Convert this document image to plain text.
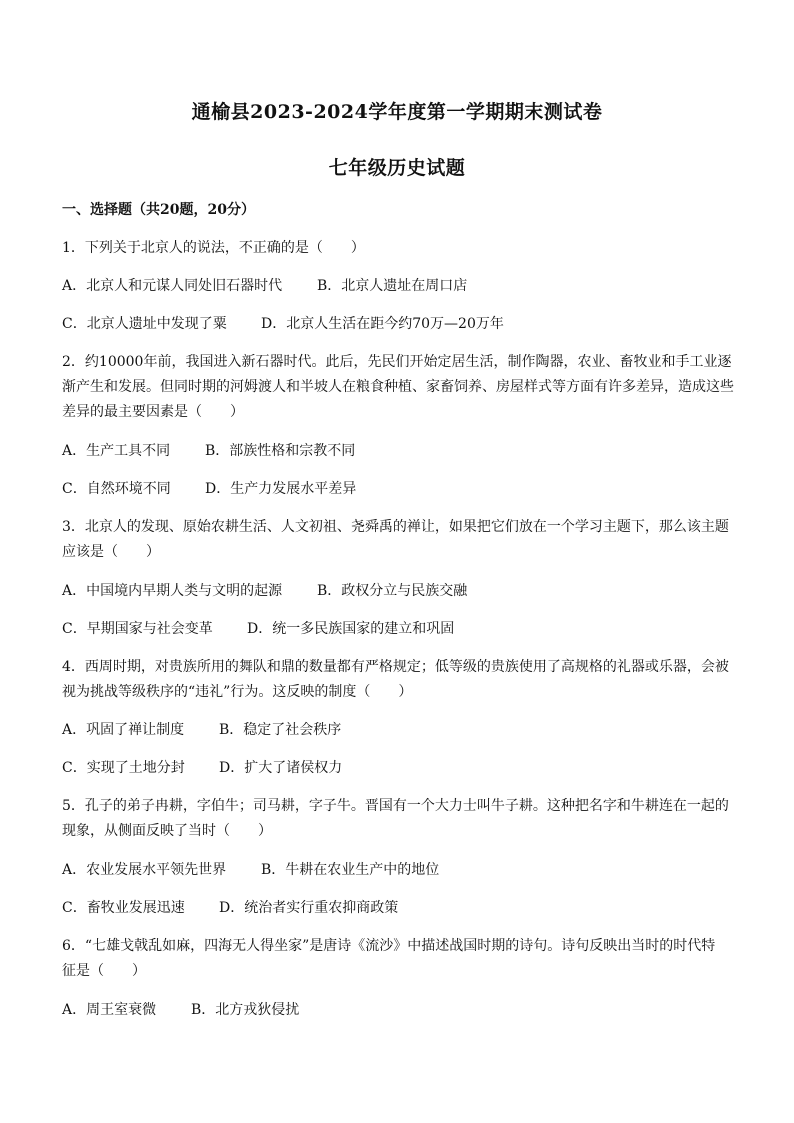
通榆县2023-2024学年度第一学期期末测试卷
七年级历史试题
一、选择题（共20题，20分）
1．下列关于北京人的说法，不正确的是（　　）
A．北京人和元谋人同处旧石器时代 B．北京人遗址在周口店
C．北京人遗址中发现了粟 D．北京人生活在距今约70万—20万年
2．约10000年前，我国进入新石器时代。此后，先民们开始定居生活，制作陶器，农业、畜牧业和手工业逐
渐产生和发展。但同时期的河姆渡人和半坡人在粮食种植、家畜饲养、房屋样式等方面有许多差异，造成这些
差异的最主要因素是（　　）
A．生产工具不同 B．部族性格和宗教不同
C．自然环境不同 D．生产力发展水平差异
3．北京人的发现、原始农耕生活、人文初祖、尧舜禹的禅让，如果把它们放在一个学习主题下，那么该主题
应该是（　　）
A．中国境内早期人类与文明的起源 B．政权分立与民族交融
C．早期国家与社会变革 D．统一多民族国家的建立和巩固
4．西周时期，对贵族所用的舞队和鼎的数量都有严格规定；低等级的贵族使用了高规格的礼器或乐器，会被
视为挑战等级秩序的“违礼”行为。这反映的制度（　　）
A．巩固了禅让制度 B．稳定了社会秩序
C．实现了土地分封 D．扩大了诸侯权力
5．孔子的弟子冉耕，字伯牛；司马耕，字子牛。晋国有一个大力士叫牛子耕。这种把名字和牛耕连在一起的
现象，从侧面反映了当时（　　）
A．农业发展水平领先世界 B．牛耕在农业生产中的地位
C．畜牧业发展迅速 D．统治者实行重农抑商政策
6．“七雄戈戟乱如麻，四海无人得坐家”是唐诗《流沙》中描述战国时期的诗句。诗句反映出当时的时代特
征是（　　）
A．周王室衰微 B．北方戎狄侵扰
